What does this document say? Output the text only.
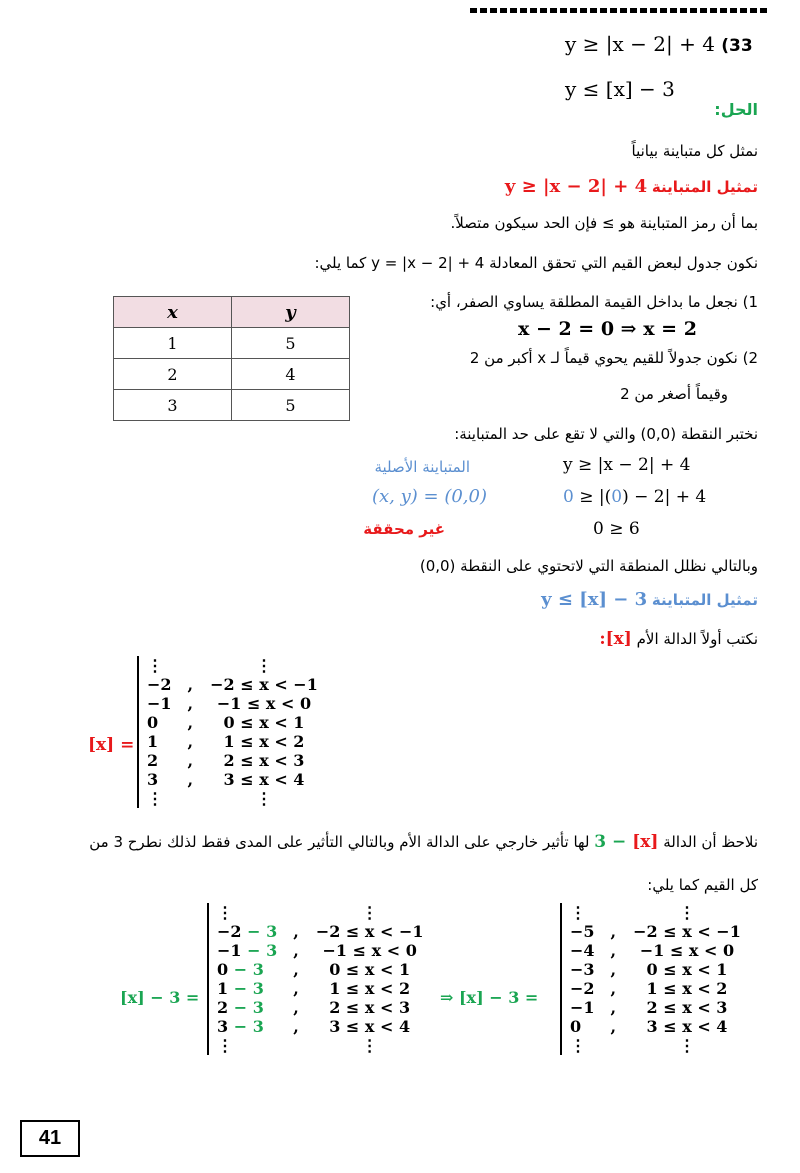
y ≥ |x − 2| + 4 (33
y ≤ [x] − 3
الحل:
نمثل كل متباينة بيانياً
تمثيل المتباينة y ≥ |x − 2| + 4
بما أن رمز المتباينة هو ≥ فإن الحد سيكون متصلاً.
نكون جدول لبعض القيم التي تحقق المعادلة y = |x − 2| + 4 كما يلي:
1) نجعل ما بداخل القيمة المطلقة يساوي الصفر، أي:
x − 2 = 0 ⇒ x = 2
2) نكون جدولاً للقيم يحوي قيماً لـ x أكبر من 2
وقيماً أصغر من 2
x	y
1	5
2	4
3	5
نختبر النقطة (0,0) والتي لا تقع على حد المتباينة:
y ≥ |x − 2| + 4
المتباينة الأصلية
0 ≥ |(0) − 2| + 4
(x, y) = (0,0)
0 ≥ 6
غير محققة
وبالتالي نظلل المنطقة التي لاتحتوي على النقطة (0,0)
تمثيل المتباينة y ≤ [x] − 3
نكتب أولاً الدالة الأم [x]:
[x] =
⋮		⋮
−2	,	−2 ≤ x < −1
−1	,	−1 ≤ x < 0
0	,	0 ≤ x < 1
1	,	1 ≤ x < 2
2	,	2 ≤ x < 3
3	,	3 ≤ x < 4
⋮		⋮
نلاحظ أن الدالة [x] − 3 لها تأثير خارجي على الدالة الأم وبالتالي التأثير على المدى فقط لذلك نطرح 3 من
كل القيم كما يلي:
[x] − 3 =
⋮		⋮
−2 − 3	,	−2 ≤ x < −1
−1 − 3	,	−1 ≤ x < 0
0 − 3	,	0 ≤ x < 1
1 − 3	,	1 ≤ x < 2
2 − 3	,	2 ≤ x < 3
3 − 3	,	3 ≤ x < 4
⋮		⋮
⇒ [x] − 3 =
⋮		⋮
−5	,	−2 ≤ x < −1
−4	,	−1 ≤ x < 0
−3	,	0 ≤ x < 1
−2	,	1 ≤ x < 2
−1	,	2 ≤ x < 3
0	,	3 ≤ x < 4
⋮		⋮
41
